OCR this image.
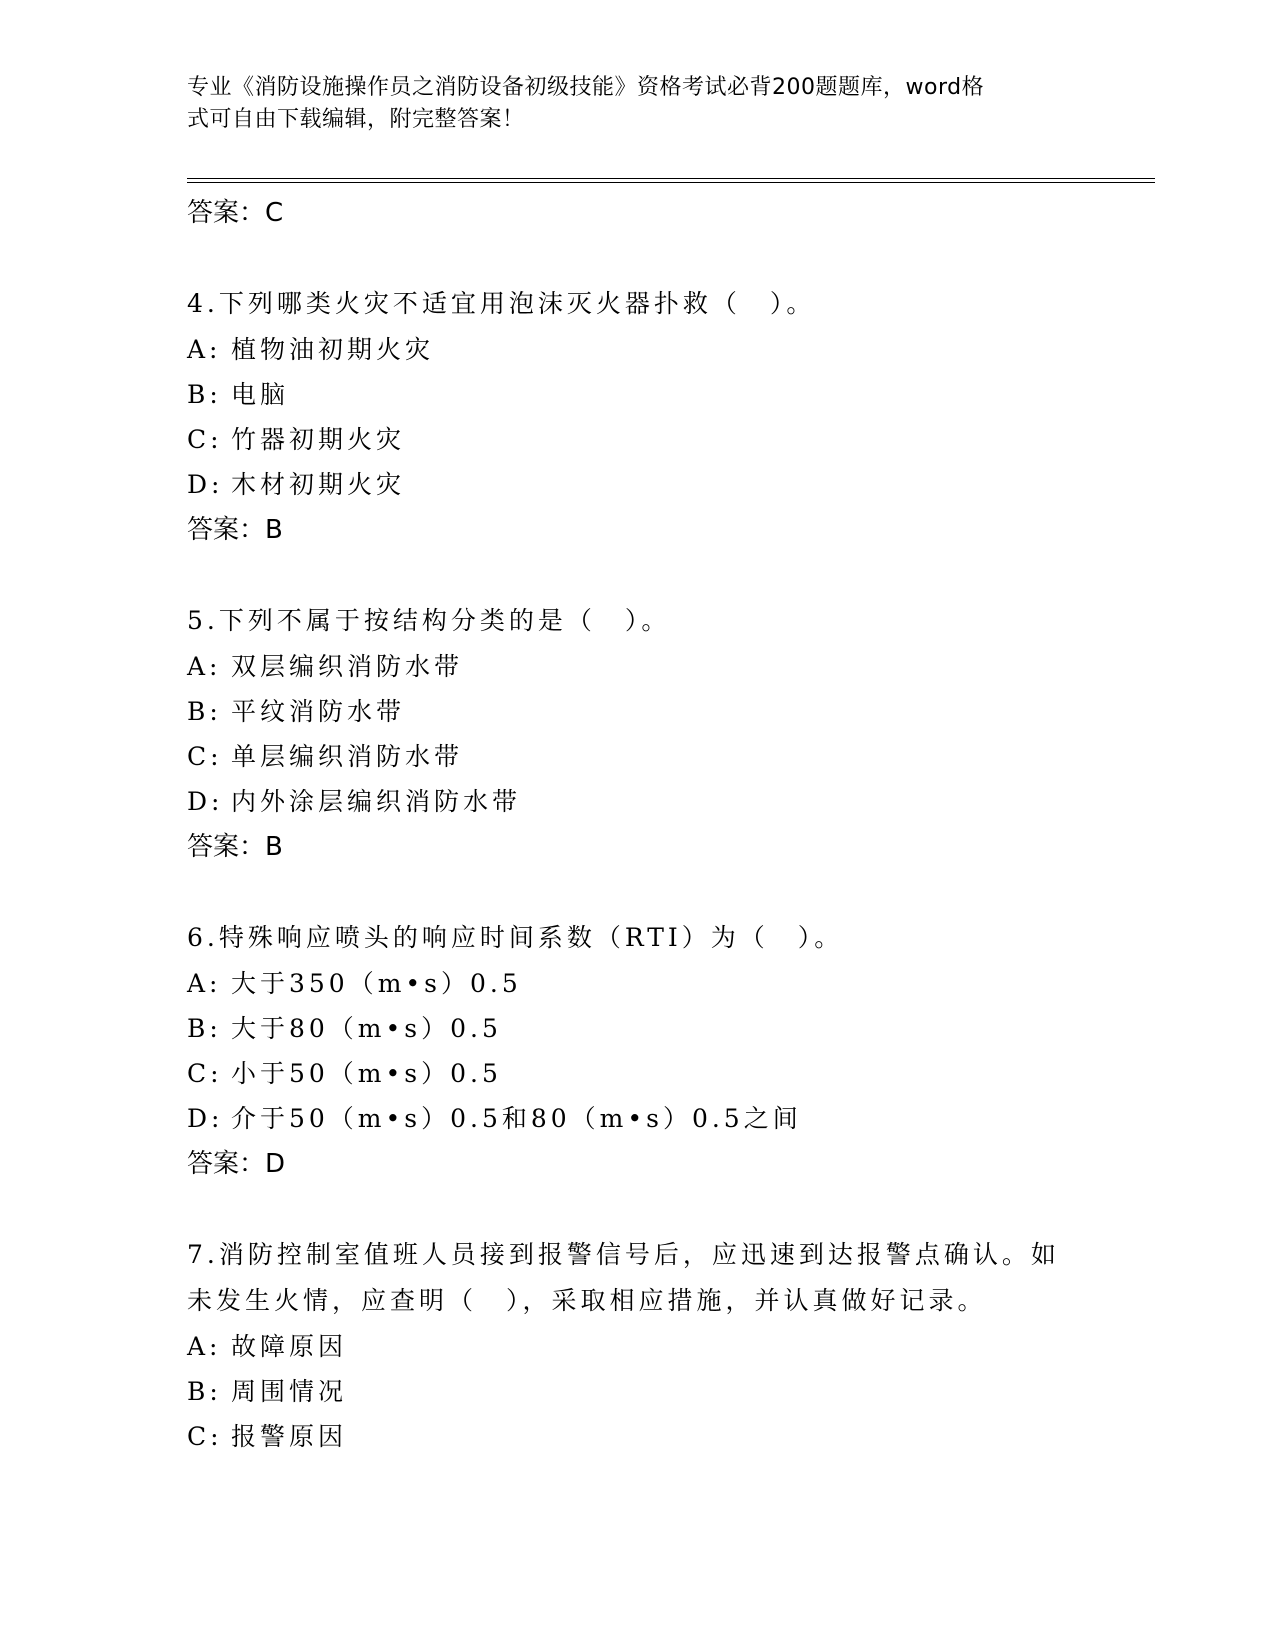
专业《消防设施操作员之消防设备初级技能》资格考试必背200题题库，word格
式可自由下载编辑，附完整答案！
答案：C
4.下列哪类火灾不适宜用泡沫灭火器扑救（　）。
A: 植物油初期火灾
B: 电脑
C: 竹器初期火灾
D: 木材初期火灾
答案：B
5.下列不属于按结构分类的是（　）。
A: 双层编织消防水带
B: 平纹消防水带
C: 单层编织消防水带
D: 内外涂层编织消防水带
答案：B
6.特殊响应喷头的响应时间系数（RTI）为（　）。
A: 大于350（m•s）0.5
B: 大于80（m•s）0.5
C: 小于50（m•s）0.5
D: 介于50（m•s）0.5和80（m•s）0.5之间
答案：D
7.消防控制室值班人员接到报警信号后，应迅速到达报警点确认。如
未发生火情，应查明（　），采取相应措施，并认真做好记录。
A: 故障原因
B: 周围情况
C: 报警原因
